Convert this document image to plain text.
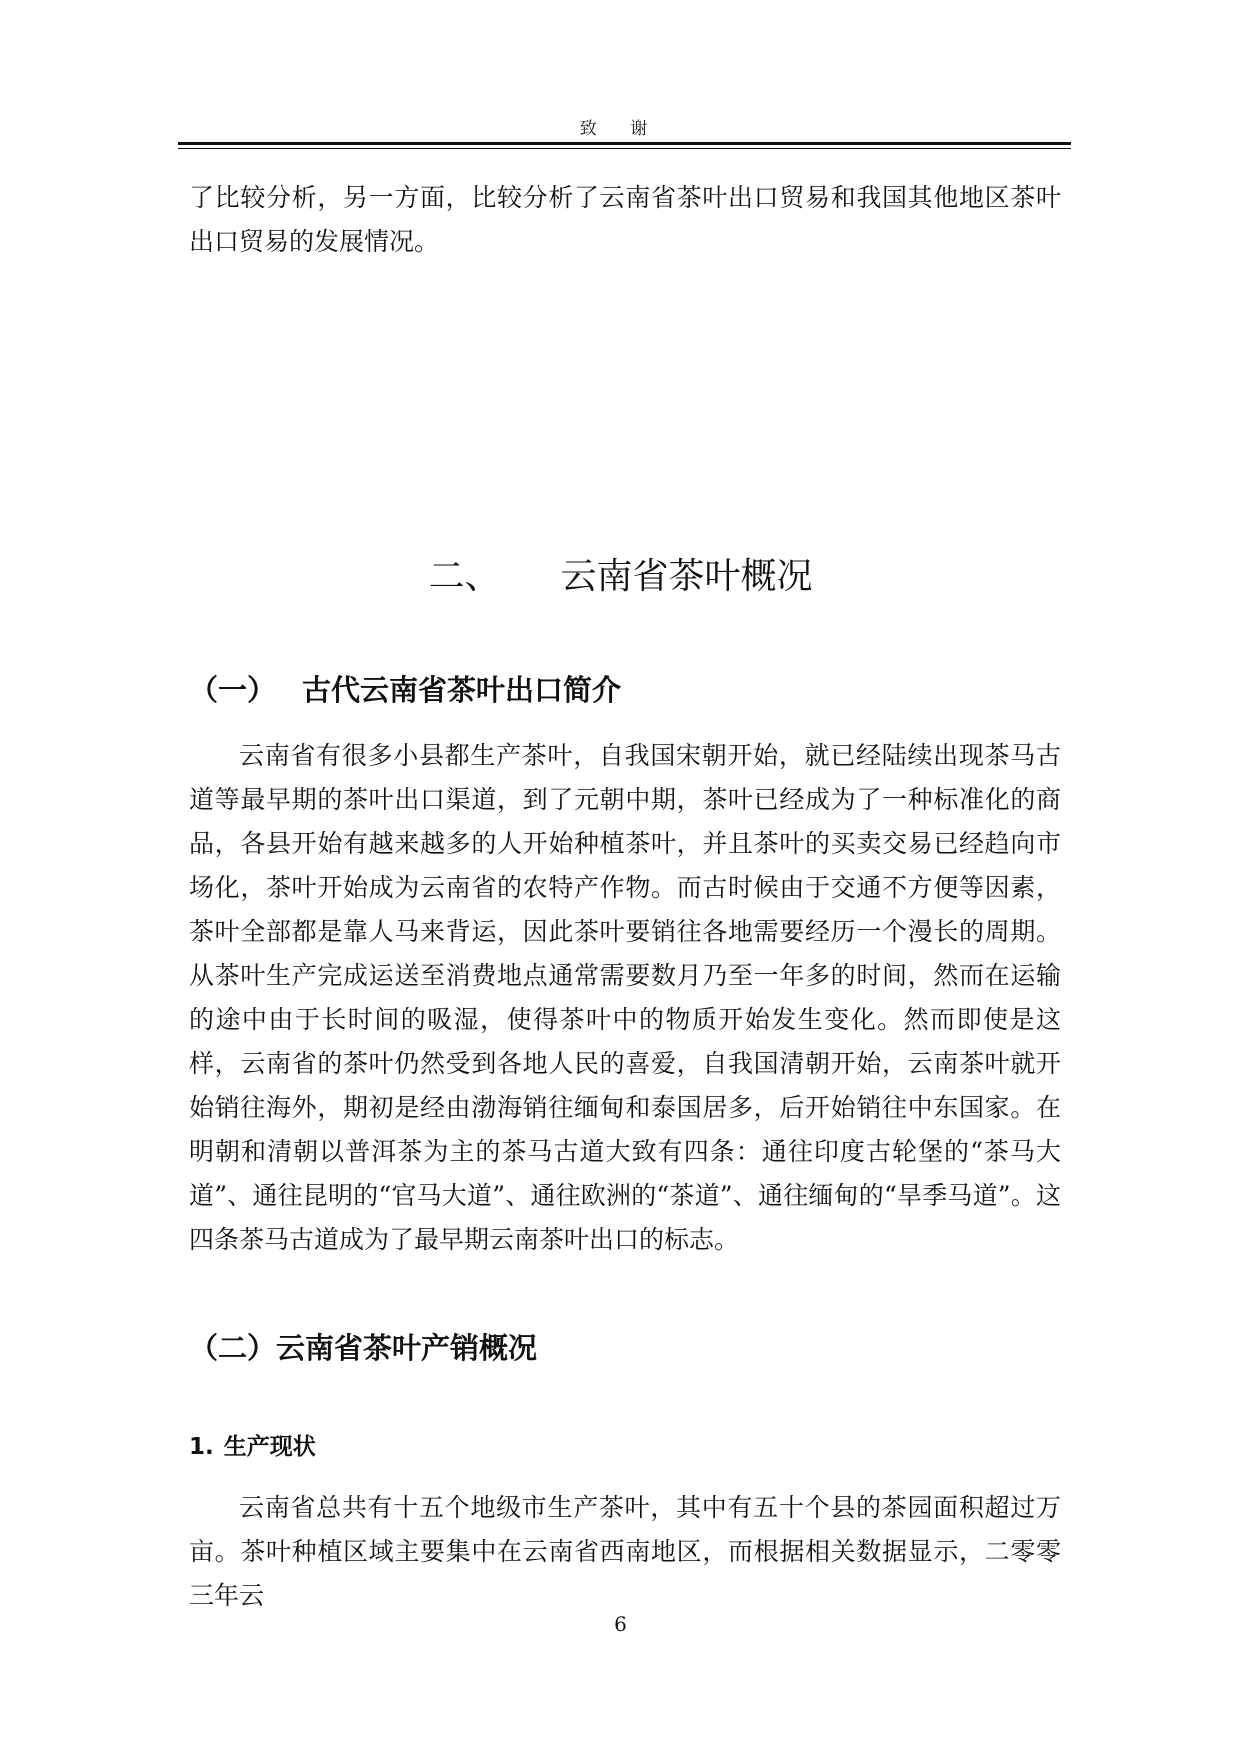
致 谢

了比较分析，另一方面，比较分析了云南省茶叶出口贸易和我国其他地区茶叶出口贸易的发展情况。

二、 云南省茶叶概况
（一） 古代云南省茶叶出口简介

云南省有很多小县都生产茶叶，自我国宋朝开始，就已经陆续出现茶马古道等最早期的茶叶出口渠道，到了元朝中期，茶叶已经成为了一种标准化的商品，各县开始有越来越多的人开始种植茶叶，并且茶叶的买卖交易已经趋向市场化，茶叶开始成为云南省的农特产作物。而古时候由于交通不方便等因素，茶叶全部都是靠人马来背运，因此茶叶要销往各地需要经历一个漫长的周期。从茶叶生产完成运送至消费地点通常需要数月乃至一年多的时间，然而在运输的途中由于长时间的吸湿，使得茶叶中的物质开始发生变化。然而即使是这样，云南省的茶叶仍然受到各地人民的喜爱，自我国清朝开始，云南茶叶就开始销往海外，期初是经由渤海销往缅甸和泰国居多，后开始销往中东国家。在明朝和清朝以普洱茶为主的茶马古道大致有四条：通往印度古轮堡的“茶马大道”、通往昆明的“官马大道”、通往欧洲的“茶道”、通往缅甸的“旱季马道”。这四条茶马古道成为了最早期云南茶叶出口的标志。

（二）云南省茶叶产销概况
1. 生产现状

云南省总共有十五个地级市生产茶叶，其中有五十个县的茶园面积超过万亩。茶叶种植区域主要集中在云南省西南地区，而根据相关数据显示，二零零三年云

6
